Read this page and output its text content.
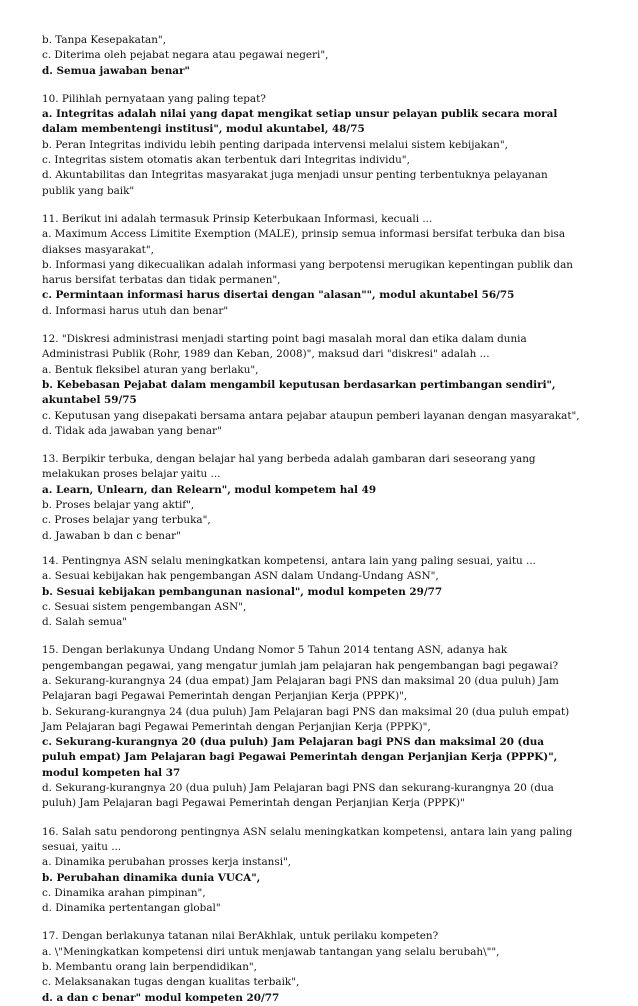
b. Tanpa Kesepakatan",
c. Diterima oleh pejabat negara atau pegawai negeri",
d. Semua jawaban benar"
10. Pilihlah pernyataan yang paling tepat?
a. Integritas adalah nilai yang dapat mengikat setiap unsur pelayan publik secara moral dalam membentengi institusi", modul akuntabel, 48/75
b. Peran Integritas individu lebih penting daripada intervensi melalui sistem kebijakan",
c. Integritas sistem otomatis akan terbentuk dari Integritas individu",
d. Akuntabilitas dan Integritas masyarakat juga menjadi unsur penting terbentuknya pelayanan publik yang baik"
11. Berikut ini adalah termasuk Prinsip Keterbukaan Informasi, kecuali ...
a. Maximum Access Limitite Exemption (MALE), prinsip semua informasi bersifat terbuka dan bisa diakses masyarakat",
b. Informasi yang dikecualikan adalah informasi yang berpotensi merugikan kepentingan publik dan harus bersifat terbatas dan tidak permanen",
c. Permintaan informasi harus disertai dengan "alasan"", modul akuntabel 56/75
d. Informasi harus utuh dan benar"
12. "Diskresi administrasi menjadi starting point bagi masalah moral dan etika dalam dunia Administrasi Publik (Rohr, 1989 dan Keban, 2008)", maksud dari "diskresi" adalah ...
a. Bentuk fleksibel aturan yang berlaku",
b. Kebebasan Pejabat dalam mengambil keputusan berdasarkan pertimbangan sendiri", akuntabel 59/75
c. Keputusan yang disepakati bersama antara pejabar ataupun pemberi layanan dengan masyarakat",
d. Tidak ada jawaban yang benar"
13. Berpikir terbuka, dengan belajar hal yang berbeda adalah gambaran dari seseorang yang melakukan proses belajar yaitu ...
a. Learn, Unlearn, dan Relearn", modul kompetem hal 49
b. Proses belajar yang aktif",
c. Proses belajar yang terbuka",
d. Jawaban b dan c benar"
14. Pentingnya ASN selalu meningkatkan kompetensi, antara lain yang paling sesuai, yaitu ...
a. Sesuai kebijakan hak pengembangan ASN dalam Undang-Undang ASN",
b. Sesuai kebijakan pembangunan nasional", modul kompeten 29/77
c. Sesuai sistem pengembangan ASN",
d. Salah semua"
15. Dengan berlakunya Undang Undang Nomor 5 Tahun 2014 tentang ASN, adanya hak pengembangan pegawai, yang mengatur jumlah jam pelajaran hak pengembangan bagi pegawai?
a. Sekurang-kurangnya 24 (dua empat) Jam Pelajaran bagi PNS dan maksimal 20 (dua puluh) Jam Pelajaran bagi Pegawai Pemerintah dengan Perjanjian Kerja (PPPK)",
b. Sekurang-kurangnya 24 (dua puluh) Jam Pelajaran bagi PNS dan maksimal 20 (dua puluh empat) Jam Pelajaran bagi Pegawai Pemerintah dengan Perjanjian Kerja (PPPK)",
c. Sekurang-kurangnya 20 (dua puluh) Jam Pelajaran bagi PNS dan maksimal 20 (dua puluh empat) Jam Pelajaran bagi Pegawai Pemerintah dengan Perjanjian Kerja (PPPK)", modul kompeten hal 37
d. Sekurang-kurangnya 20 (dua puluh) Jam Pelajaran bagi PNS dan sekurang-kurangnya 20 (dua puluh) Jam Pelajaran bagi Pegawai Pemerintah dengan Perjanjian Kerja (PPPK)"
16. Salah satu pendorong pentingnya ASN selalu meningkatkan kompetensi, antara lain yang paling sesuai, yaitu ...
a. Dinamika perubahan prosses kerja instansi",
b. Perubahan dinamika dunia VUCA",
c. Dinamika arahan pimpinan",
d. Dinamika pertentangan global"
17. Dengan berlakunya tatanan nilai BerAkhlak, untuk perilaku kompeten?
a. \"Meningkatkan kompetensi diri untuk menjawab tantangan yang selalu berubah\"",
b. Membantu orang lain berpendidikan",
c. Melaksanakan tugas dengan kualitas terbaik",
d. a dan c benar" modul kompeten 20/77
